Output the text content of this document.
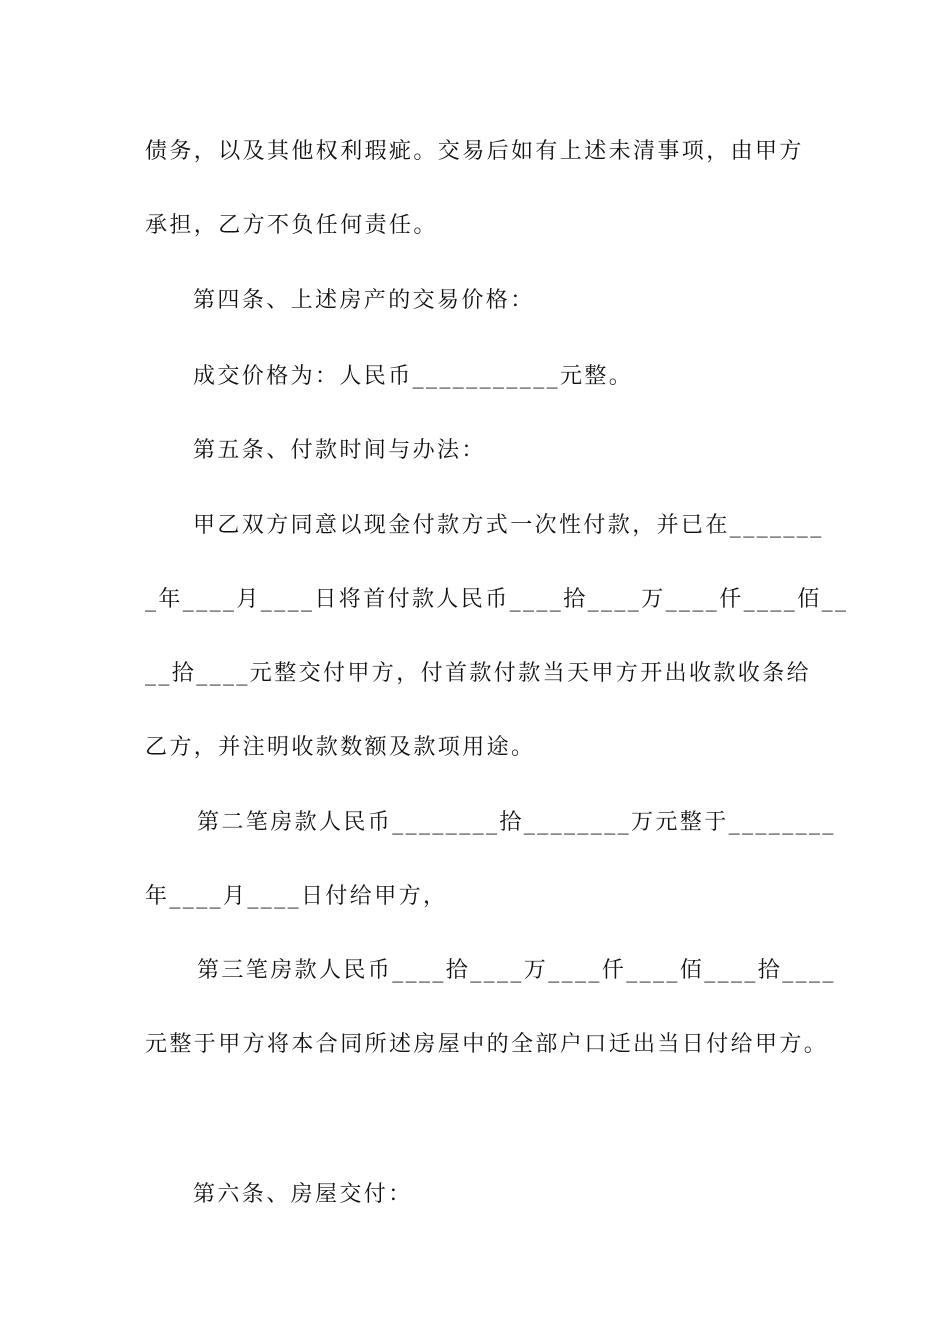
债务，以及其他权利瑕疵。交易后如有上述未清事项，由甲方
承担，乙方不负任何责任。
第四条、上述房产的交易价格：
成交价格为：人民币___________元整。
第五条、付款时间与办法：
甲乙双方同意以现金付款方式一次性付款，并已在_______
_年____月____日将首付款人民币____拾____万____仟____佰__
__拾____元整交付甲方，付首款付款当天甲方开出收款收条给
乙方，并注明收款数额及款项用途。
第二笔房款人民币________拾________万元整于________
年____月____日付给甲方，
第三笔房款人民币____拾____万____仟____佰____拾____
元整于甲方将本合同所述房屋中的全部户口迁出当日付给甲方。
第六条、房屋交付：
